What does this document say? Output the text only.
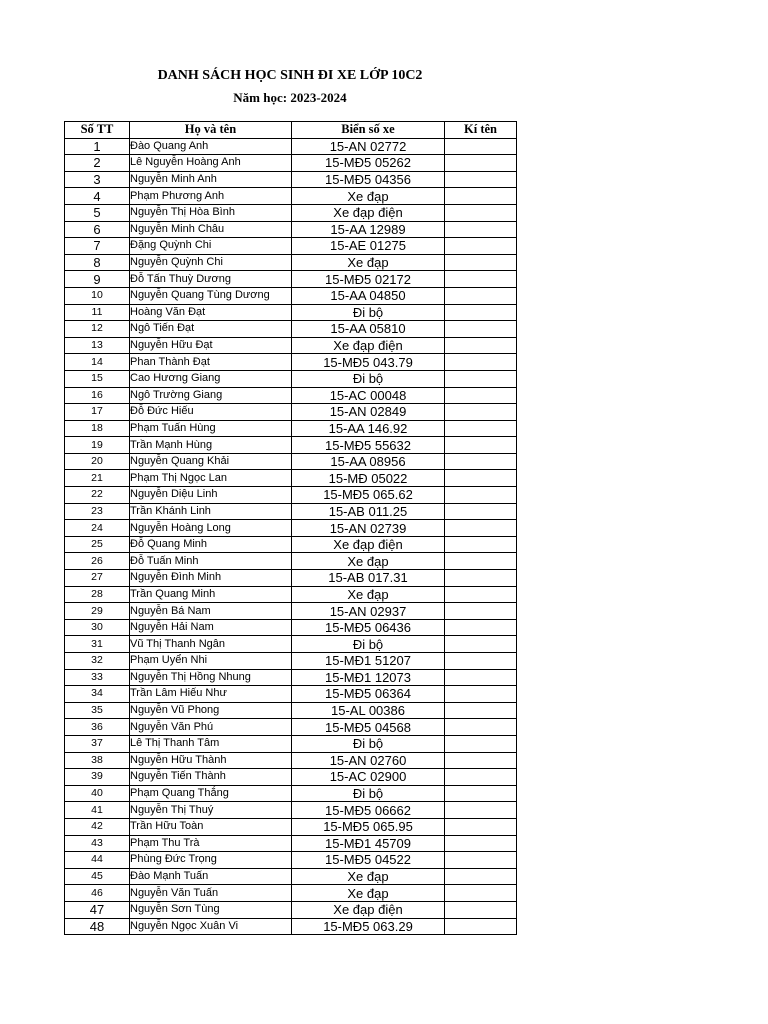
DANH SÁCH HỌC SINH ĐI XE LỚP 10C2
Năm học: 2023-2024
Số TT	Họ và tên	Biển số xe	Kí tên
1	Đào Quang Anh	15-AN 02772	
2	Lê Nguyễn Hoàng Anh	15-MĐ5 05262	
3	Nguyễn Minh Anh	15-MĐ5 04356	
4	Phạm Phương Anh	Xe đạp	
5	Nguyễn Thị Hòa Bình	Xe đạp điện	
6	Nguyễn Minh Châu	15-AA 12989	
7	Đặng Quỳnh Chi	15-AE 01275	
8	Nguyễn Quỳnh Chi	Xe đạp	
9	Đỗ Tấn Thuỳ Dương	15-MĐ5 02172	
10	Nguyễn Quang Tùng Dương	15-AA 04850	
11	Hoàng Văn Đạt	Đi bộ	
12	Ngô Tiến Đạt	15-AA 05810	
13	Nguyễn Hữu Đạt	Xe đạp điện	
14	Phan Thành Đạt	15-MĐ5 043.79	
15	Cao Hương Giang	Đi bộ	
16	Ngô Trường Giang	15-AC 00048	
17	Đỗ Đức Hiếu	15-AN 02849	
18	Phạm Tuấn Hùng	15-AA 146.92	
19	Trần Mạnh Hùng	15-MĐ5 55632	
20	Nguyễn Quang Khải	15-AA 08956	
21	Phạm Thị Ngọc Lan	15-MĐ 05022	
22	Nguyễn Diệu Linh	15-MĐ5 065.62	
23	Trần Khánh Linh	15-AB 011.25	
24	Nguyễn Hoàng Long	15-AN 02739	
25	Đỗ Quang Minh	Xe đạp điện	
26	Đỗ Tuấn Minh	Xe đạp	
27	Nguyễn Đình Minh	15-AB 017.31	
28	Trần Quang Minh	Xe đạp	
29	Nguyễn Bá Nam	15-AN 02937	
30	Nguyễn Hải Nam	15-MĐ5 06436	
31	Vũ Thị Thanh Ngân	Đi bộ	
32	Phạm Uyển Nhi	15-MĐ1 51207	
33	Nguyễn Thị Hồng Nhung	15-MĐ1 12073	
34	Trần Lâm Hiếu Như	15-MĐ5 06364	
35	Nguyễn Vũ Phong	15-AL 00386	
36	Nguyễn Văn Phú	15-MĐ5 04568	
37	Lê Thị Thanh Tâm	Đi bộ	
38	Nguyễn Hữu Thành	15-AN 02760	
39	Nguyễn Tiến Thành	15-AC 02900	
40	Phạm Quang Thắng	Đi bộ	
41	Nguyễn Thị Thuý	15-MĐ5 06662	
42	Trần Hữu Toàn	15-MĐ5 065.95	
43	Phạm Thu Trà	15-MĐ1 45709	
44	Phùng Đức Trọng	15-MĐ5 04522	
45	Đào Mạnh Tuấn	Xe đạp	
46	Nguyễn Văn Tuấn	Xe đạp	
47	Nguyễn Sơn Tùng	Xe đạp điện	
48	Nguyễn Ngọc Xuân Vi	15-MĐ5 063.29	
